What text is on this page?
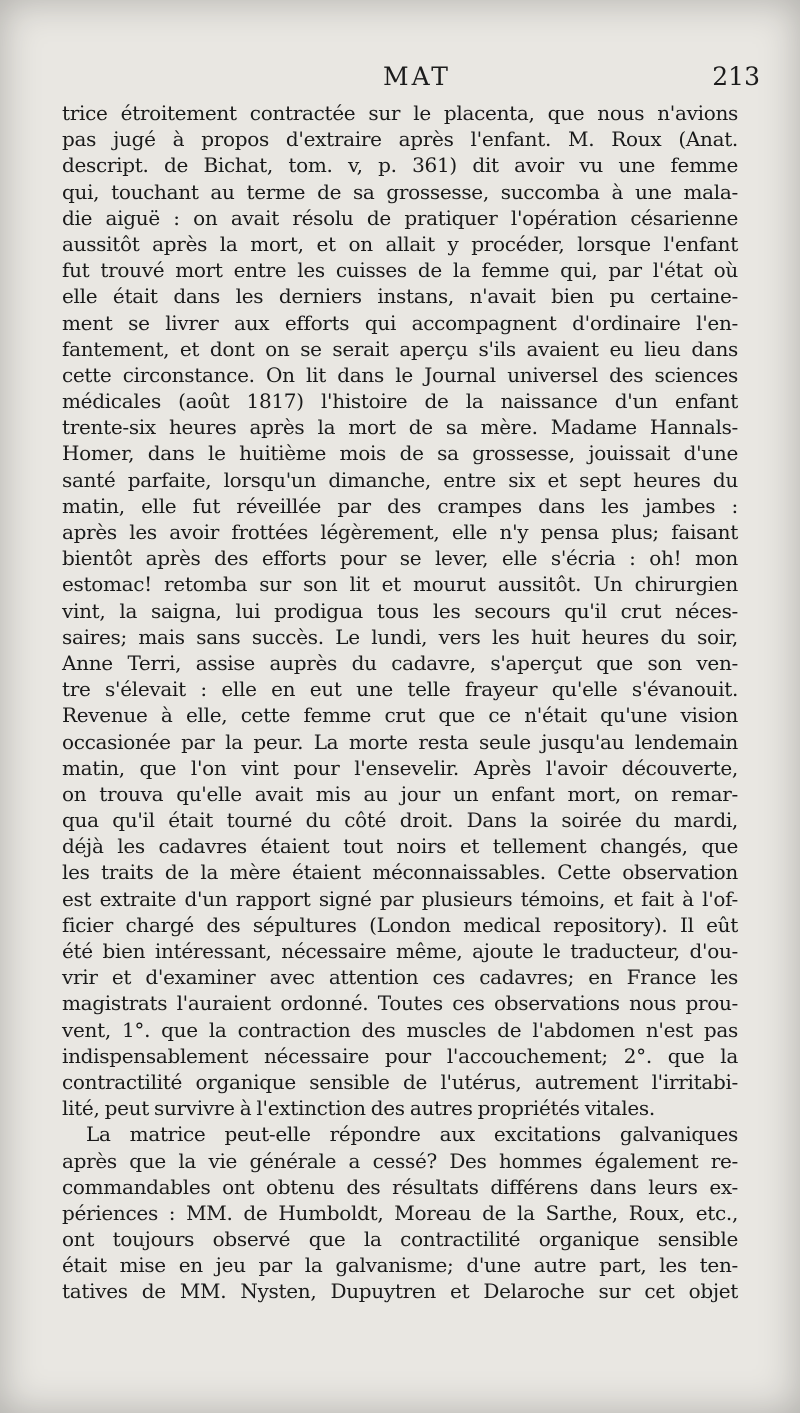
MAT	213
trice étroitement contractée sur le placenta, que nous n'avions
pas jugé à propos d'extraire après l'enfant. M. Roux (Anat.
descript. de Bichat, tom. v, p. 361) dit avoir vu une femme
qui, touchant au terme de sa grossesse, succomba à une mala-
die aiguë : on avait résolu de pratiquer l'opération césarienne
aussitôt après la mort, et on allait y procéder, lorsque l'enfant
fut trouvé mort entre les cuisses de la femme qui, par l'état où
elle était dans les derniers instans, n'avait bien pu certaine-
ment se livrer aux efforts qui accompagnent d'ordinaire l'en-
fantement, et dont on se serait aperçu s'ils avaient eu lieu dans
cette circonstance. On lit dans le Journal universel des sciences
médicales (août 1817) l'histoire de la naissance d'un enfant
trente-six heures après la mort de sa mère. Madame Hannals-
Homer, dans le huitième mois de sa grossesse, jouissait d'une
santé parfaite, lorsqu'un dimanche, entre six et sept heures du
matin, elle fut réveillée par des crampes dans les jambes :
après les avoir frottées légèrement, elle n'y pensa plus; faisant
bientôt après des efforts pour se lever, elle s'écria : oh! mon
estomac! retomba sur son lit et mourut aussitôt. Un chirurgien
vint, la saigna, lui prodigua tous les secours qu'il crut néces-
saires; mais sans succès. Le lundi, vers les huit heures du soir,
Anne Terri, assise auprès du cadavre, s'aperçut que son ven-
tre s'élevait : elle en eut une telle frayeur qu'elle s'évanouit.
Revenue à elle, cette femme crut que ce n'était qu'une vision
occasionée par la peur. La morte resta seule jusqu'au lendemain
matin, que l'on vint pour l'ensevelir. Après l'avoir découverte,
on trouva qu'elle avait mis au jour un enfant mort, on remar-
qua qu'il était tourné du côté droit. Dans la soirée du mardi,
déjà les cadavres étaient tout noirs et tellement changés, que
les traits de la mère étaient méconnaissables. Cette observation
est extraite d'un rapport signé par plusieurs témoins, et fait à l'of-
ficier chargé des sépultures (London medical repository). Il eût
été bien intéressant, nécessaire même, ajoute le traducteur, d'ou-
vrir et d'examiner avec attention ces cadavres; en France les
magistrats l'auraient ordonné. Toutes ces observations nous prou-
vent, 1°. que la contraction des muscles de l'abdomen n'est pas
indispensablement nécessaire pour l'accouchement; 2°. que la
contractilité organique sensible de l'utérus, autrement l'irritabi-
lité, peut survivre à l'extinction des autres propriétés vitales.
La matrice peut-elle répondre aux excitations galvaniques
après que la vie générale a cessé? Des hommes également re-
commandables ont obtenu des résultats différens dans leurs ex-
périences : MM. de Humboldt, Moreau de la Sarthe, Roux, etc.,
ont toujours observé que la contractilité organique sensible
était mise en jeu par la galvanisme; d'une autre part, les ten-
tatives de MM. Nysten, Dupuytren et Delaroche sur cet objet
